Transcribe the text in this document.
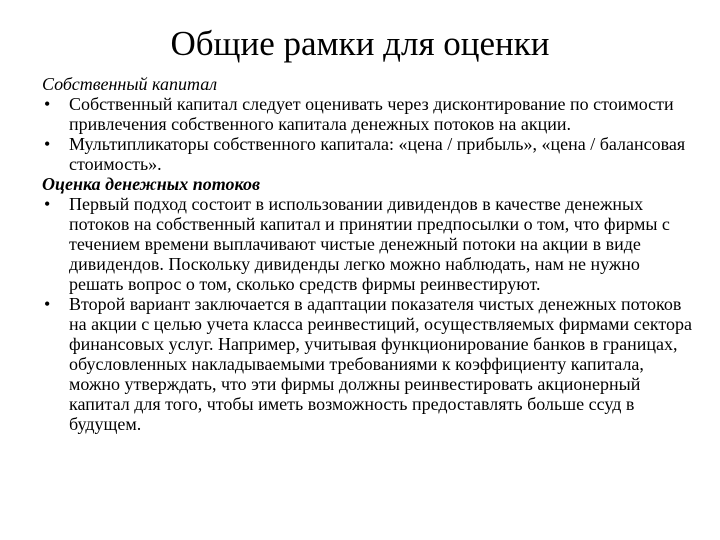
Общие рамки для оценки
Собственный капитал
• Собственный капитал следует оценивать через дисконтирование по стоимости привлечения собственного капитала денежных потоков на акции.
• Мультипликаторы собственного капитала: «цена / прибыль», «цена / балансовая стоимость».
Оценка денежных потоков
• Первый подход состоит в использовании дивидендов в качестве денежных потоков на собственный капитал и принятии предпосылки о том, что фирмы с течением времени выплачивают чистые денежный потоки на акции в виде дивидендов. Поскольку дивиденды легко можно наблюдать, нам не нужно решать вопрос о том, сколько средств фирмы реинвестируют.
• Второй вариант заключается в адаптации показателя чистых денежных потоков на акции с целью учета класса реинвестиций, осуществляемых фирмами сектора финансовых услуг. Например, учитывая функционирование банков в границах, обусловленных накладываемыми требованиями к коэффициенту капитала, можно утверждать, что эти фирмы должны реинвестировать акционерный капитал для того, чтобы иметь возможность предоставлять больше ссуд в будущем.
